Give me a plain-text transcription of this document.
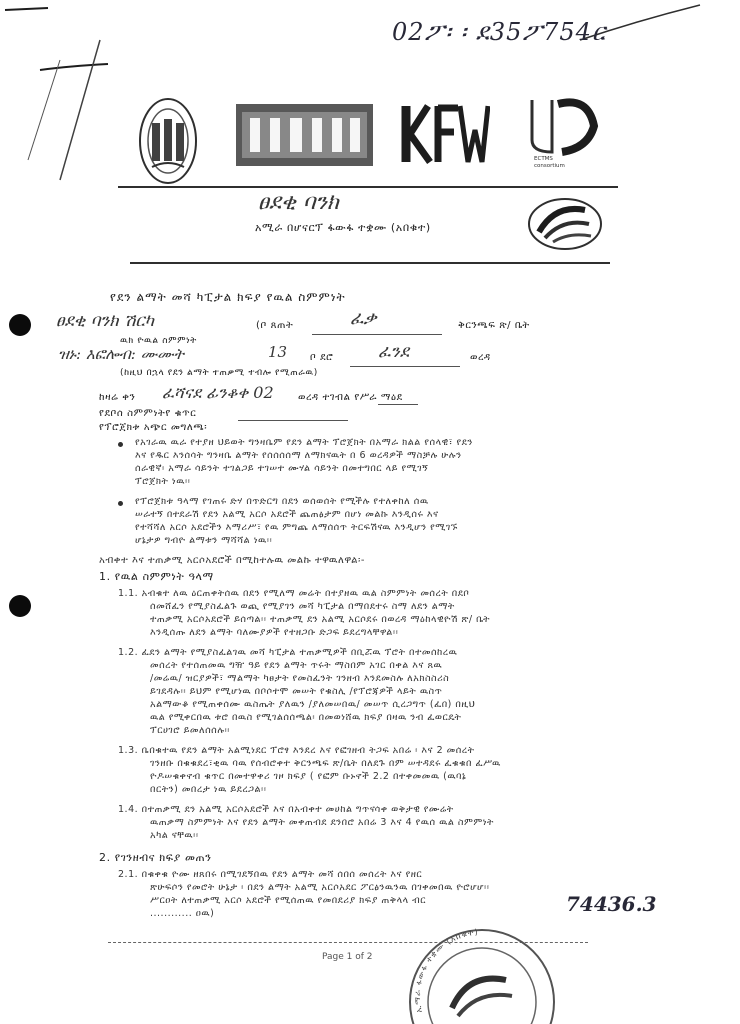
02ፖ፡ ፡ ደ35ፖ754ር
ECTMS consortium
ፀደቂ ባንክ
አሚራ በሆናርፕ ፋውፋ ተቋሙ (አበቁተ)
የደን ልማት መሻ ካፒታል ክፍያ የዉል ስምምነት
ፀደቂ ባንክ ሽርካ	(ቦ ጸጠት	ፈቃ	ቅርንጫፍ ጽ/ ቤት
ዉክ ዮዉል ስምምነት
ዝኑ: እፎሎብ: ሙሙት	13 ቦ ደሮ	ፈንደ	ወረዳ
(ከዚህ በኋላ የደን ልማት ተጠቃሚ ተብሎ የሚጠራዉ)
ከዛሬ ቀን ፈሻናደ ፊንቆቀ 02 ወረዳ ተገብል የሥራ ማዕደ
የደቦሰ ስምምነትየ ቁጥር
የፕሮጀክቱ አጭር መግለጫ፡
የአገራዉ ዉራ የተያዘ ህይወት ግንዛቤም የደን ልማት ፕሮጀክት በአማራ ክልል የሰላዊ፣ የደን
እና የዱር እንሰሳት ግንዛቤ ልማት የሰሰሰሰማ ለማክናዉት በ 6 ወረዳዎች ማስቻሉ ሁሉን
ሰራዊኛ፡ አማራ ሳይንት ተገልጋይ ተገሠተ ሙሃል ሳይንት በመተግበር ላይ የሚገኝ
ፕሮጀክት ነዉ፡፡
የፕሮጀክቱ ዓላማ የገጠሩ ድሃ በጥድርግ በደን ወሰወሰት የሚችሉ የተለቀከለ ሰዉ
ሠራተኝ በተደራሽ የደን አልሚ አርሶ አደሮች ጨጠፅታም በሆነ መልኩ እንዲሰሩ እና
የተሻሻለ አርሶ አደሮችን እማሪሥ፣ የዉ ምግጨ ለማሰሰጥ ትርፍሽናዉ እንዲሆን የሚገኙ
ሆኔታዎ ግብዮ ልማቱን ማሻሻል ነዉ፡፡
አብቀተ እና ተጠቃሚ አርሶአደሮች በሚከተሉዉ መልኩ ተዋዉለዋል፡-
1. የዉል ስምምነት ዓላማ
1.1. አብቁተ ለዉ ዕርጠቀትሰዉ በደን የሚለማ መሬት በተያዘዉ ዉል ስምምነት መሰረት በደቦ
ሰመሸፈን የሚያስፈልጉ ወጪ የሚያገን መሻ ካፒታል በማበደተሩ ስማ ለደን ልማት
ተጠቃሚ አርሶአደሮች ይሰጣል፡፡ ተጠቃሚ ደን አልሚ አርሶደሩ በወረዳ ማዕከላዊዮሽ ጽ/ ቤት
እንዲሰጡ ለደን ልማት ባለሙያዎች የተዘጋቡ ድጋፍ ይደረግላቸዋል፡፡
1.2. ፈደን ልማት የሚያስፈልገዉ መሻ ካፒታል ተጠቃሚዎች በቢሯዉ ፕሮት በተመሰከረዉ
መሰረት የተሰጠመዉ ግዥ ዓይ የደን ልማት ጥሩት ማስበም አገር በቀል እና ጸዉ
/መሬዉ/ ዝርያዎች፣ ማልማት ካፀታት የመስፈንት ገንዘብ እንደመስሉ ለአክስስሪስ
ይገደዳሉ፡፡ ይህም የሚሆነዉ በቦሶተሞ መሠት የቁስሊ /የፕሮጃዎች ላይት ዉስጥ
አልማውቆ የሚጠቀሰሙ ዉስጤት ያለዉን /ያለመሠበዉ/ መሠጥ ሲረጋግጥ (ፈበ) በዚህ
ዉል የሚቀርበዉ ቱሮ በዉስ የሚገልሰሰጫል፡ በመወነሸዉ ክፍያ በዛዉ ንብ ፈወርዴት
ፕርሀገሮ ይመለሰሰሉ፡፡
1.3. ቤበቁተዉ የደን ልማት አልሚነደር ፕሮፃ እንደረ እና የፎገዘብ ትጋፍ አበሬ ፡ እና 2 መሰረት
ገንዘቡ በቁቁደረ፣ቂዉ ባዉ የሰብሮቀተ ቅርንጫፍ ጽ/ቤት በለደጉ በም ሠተዳደሩ ፈቁቁበ ፈሥዉ
ዮዶሠቁቀኖብ ቁጥር በመተዋቀሪ ገዞ ክፍያ ( የፎም ቡኑኖች 2.2 በተቀመመዉ (ዉባኔ
በርትን) መበረታ ነዉ ይደረጋል፡፡
1.4. በተጠቃሚ ደን አልሚ አርሶአደሮች እና በአብቀተ መሀከል ግጥናሳቀ ወቅታዊ የሙሬት
ዉጠቃማ ስምምነት እና የደን ልማት መቀጠብደ ደንበሮ አበሬ 3 እና 4 የዉሰ ዉል ስምምነት
አካል ናቸዉ፡፡
2. የገንዘብና ክፍያ መጠን
2.1. በቁቀቁ ዮሙ ዘጸበሩ በሚገደኝበዉ የደን ልማት መሻ ሰበሰ መሰረት እና የዘር
ጽሁፍሶን የመሮት ሁኔታ ፡ በደን ልማት አልሚ አርሶአደር ፖርፅንዉንዉ በገቀመበዉ ዮሮሆሆ፡፡
ሥርዐት ለተጠቃሚ አርሶ አደሮች የሚሰጠዉ የመበደሪያ ክፍያ ጠቅላላ ብር	74436.3
............ ዐዉ)
Page 1 of 2
ኢማራ ፋውፋ ተቋሙ (አበቁተ)
